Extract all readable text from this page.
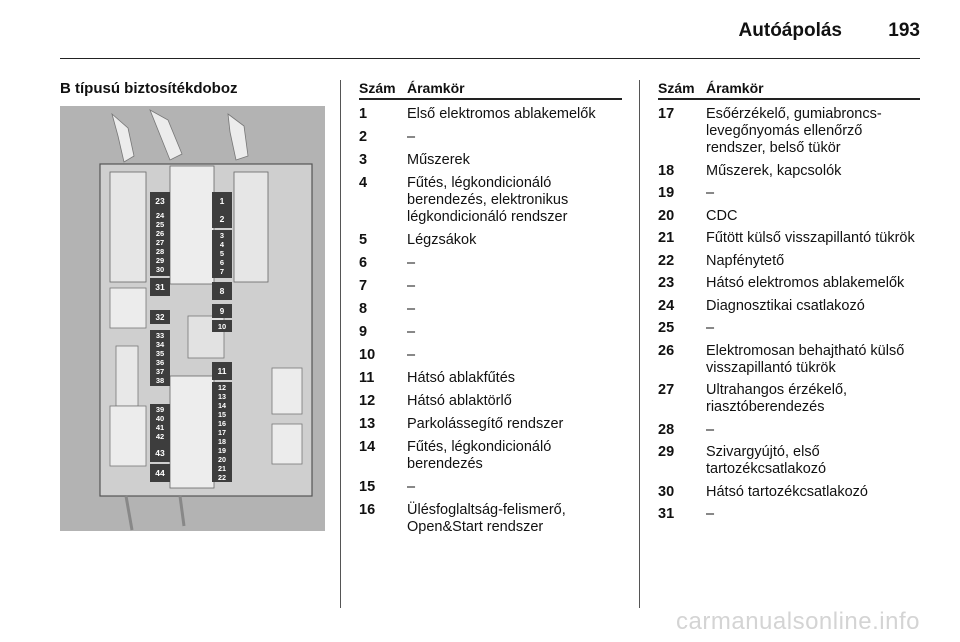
Autóápolás 193
B típusú biztosítékdoboz
23
24
25
26
27
28
29
30
31
32
33
34
35
36
37
38
39
40
41
42
43
44
1
2
3
4
5
6
7
8
9
10
11
12
13
14
15
16
17
18
19
20
21
22
Szám Áramkör
1	Első elektromos ablakemelők
2	–
3	Műszerek
4	Fűtés, légkondicionáló berendezés, elektronikus légkondicionáló rendszer
5	Légzsákok
6	–
7	–
8	–
9	–
10	–
11	Hátsó ablakfűtés
12	Hátsó ablaktörlő
13	Parkolássegítő rendszer
14	Fűtés, légkondicionáló berendezés
15	–
16	Ülésfoglaltság-felismerő, Open&Start rendszer
Szám Áramkör
17	Esőérzékelő, gumiabroncs-levegőnyomás ellenőrző rendszer, belső tükör
18	Műszerek, kapcsolók
19	–
20	CDC
21	Fűtött külső visszapillantó tükrök
22	Napfénytető
23	Hátsó elektromos ablakemelők
24	Diagnosztikai csatlakozó
25	–
26	Elektromosan behajtható külső visszapillantó tükrök
27	Ultrahangos érzékelő, riasztóberendezés
28	–
29	Szivargyújtó, első tartozékcsatlakozó
30	Hátsó tartozékcsatlakozó
31	–
carmanualsonline.info
